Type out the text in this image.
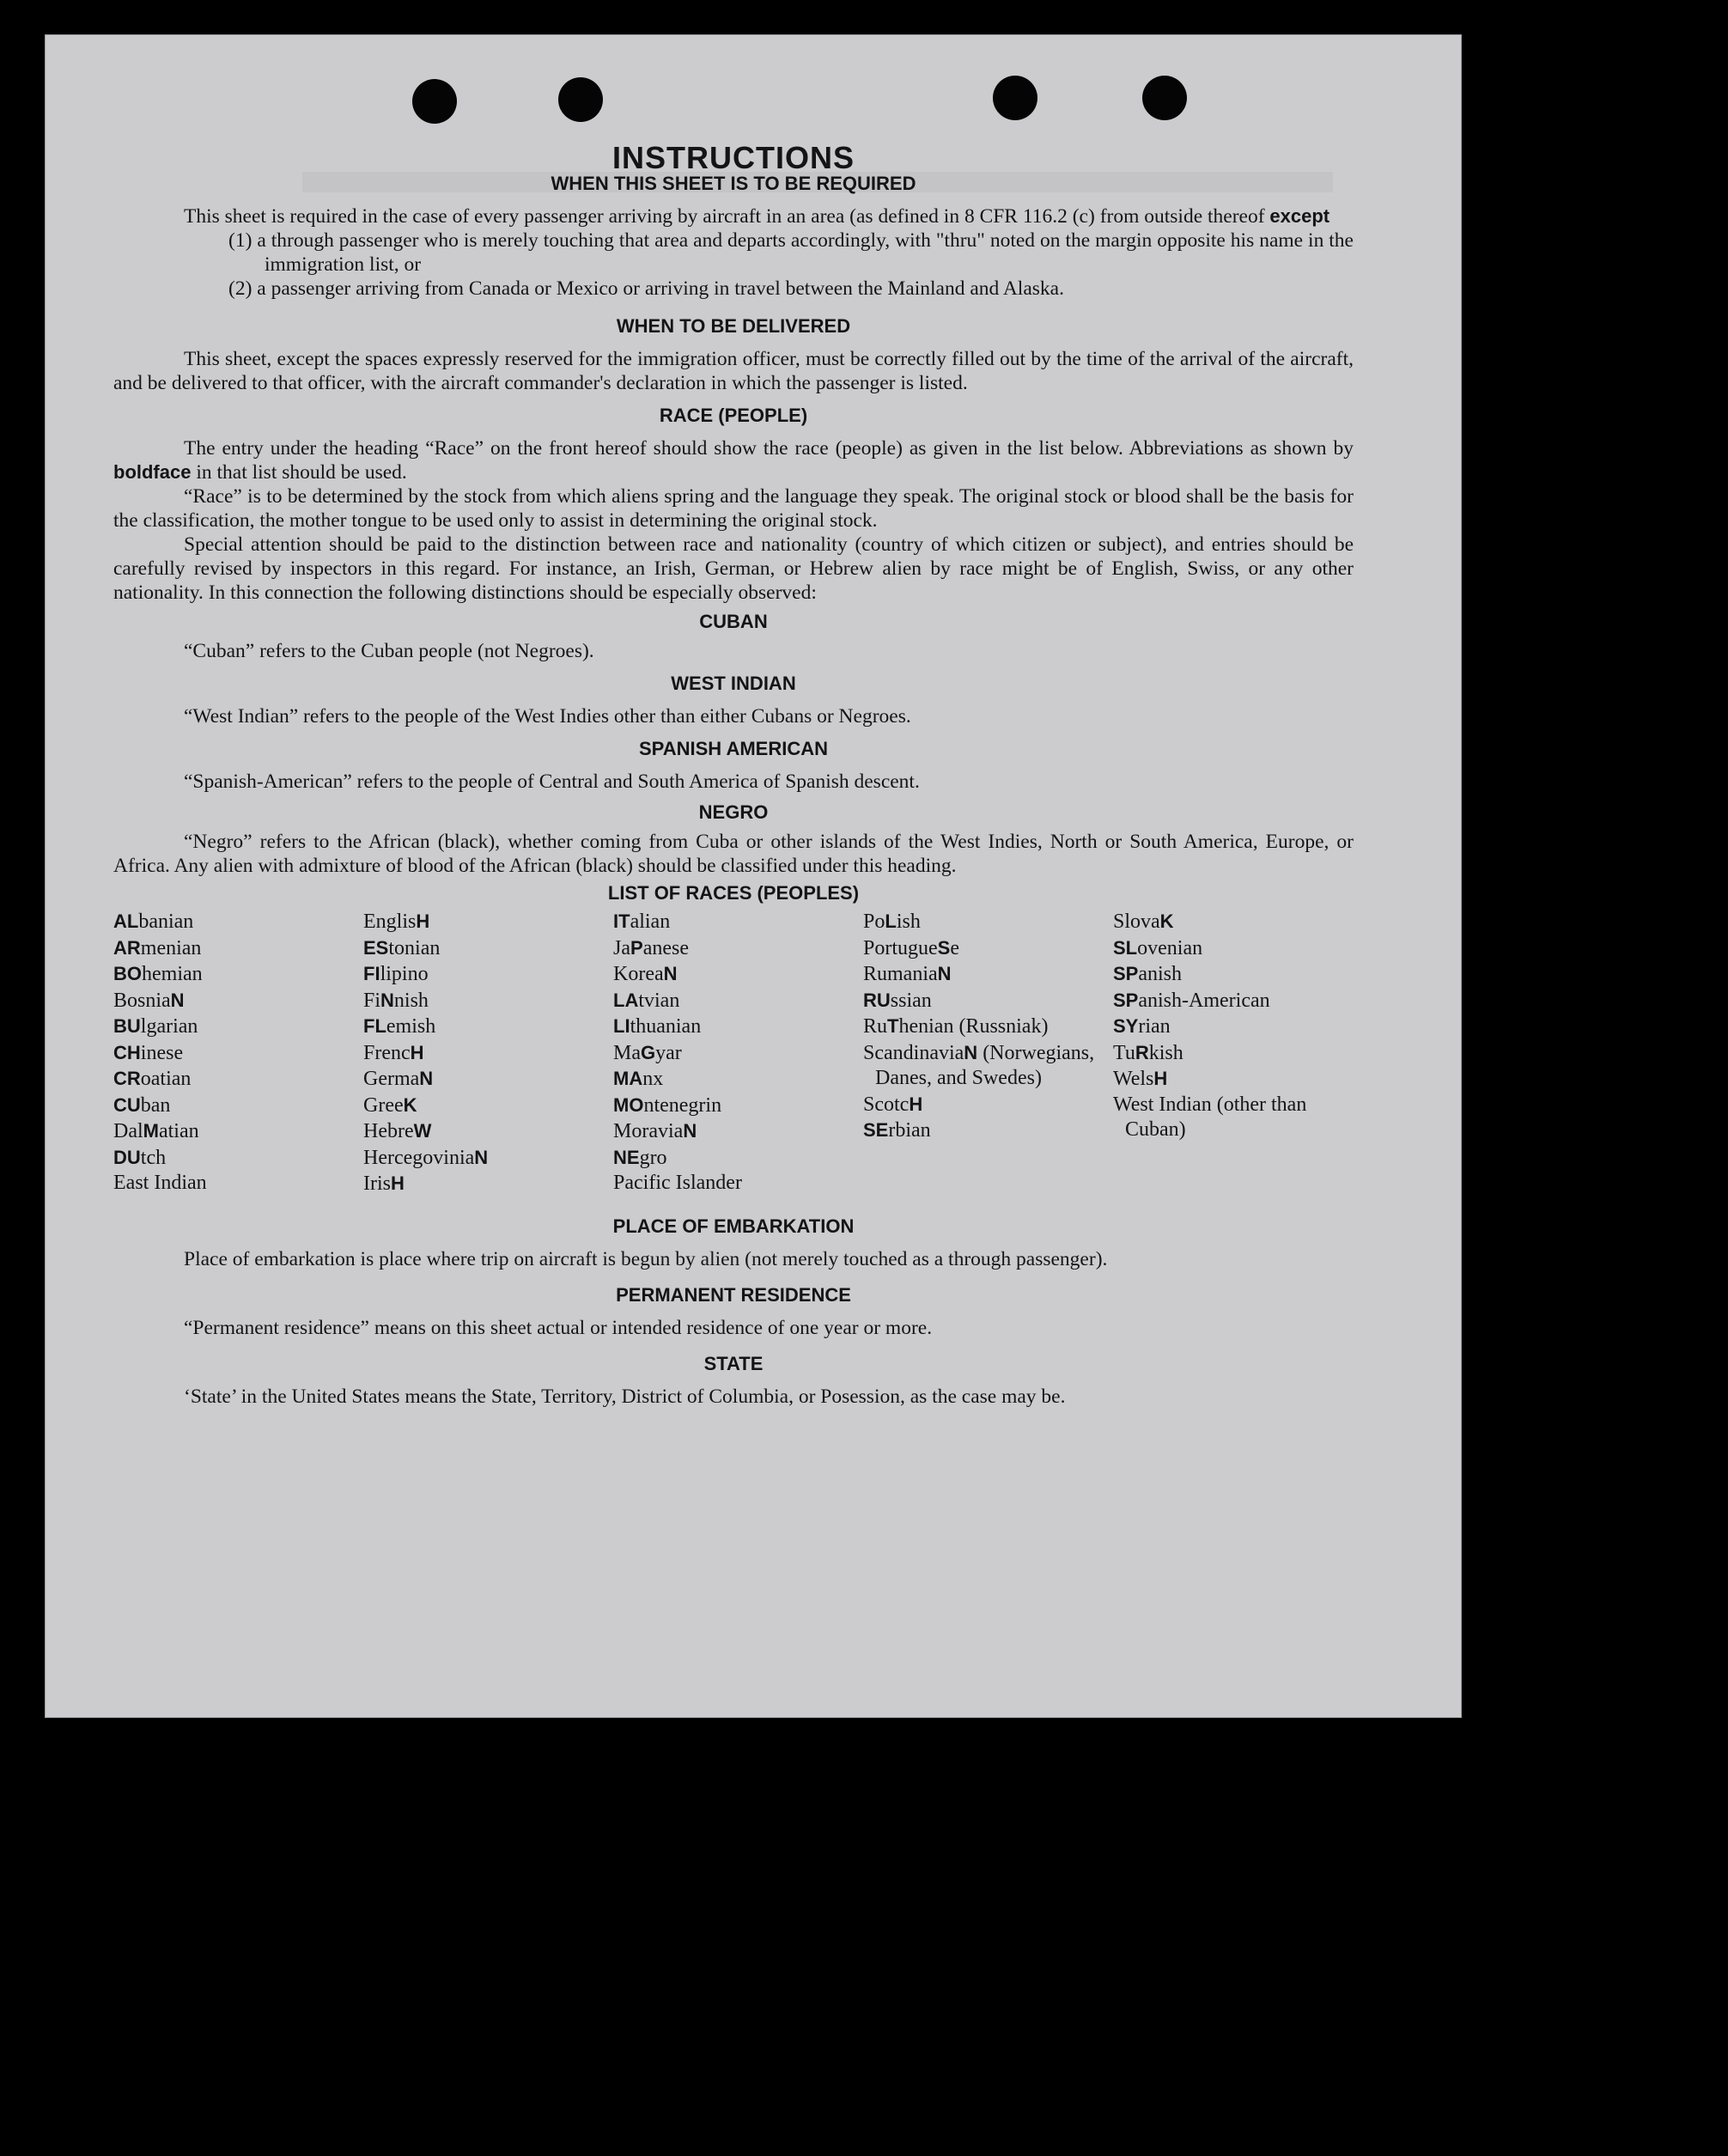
INSTRUCTIONS
WHEN THIS SHEET IS TO BE REQUIRED

This sheet is required in the case of every passenger arriving by aircraft in an area (as defined in 8 CFR 116.2 (c) from outside thereof except

(1) a through passenger who is merely touching that area and departs accordingly, with "thru" noted on the margin opposite his name in the immigration list, or

(2) a passenger arriving from Canada or Mexico or arriving in travel between the Mainland and Alaska.

WHEN TO BE DELIVERED

This sheet, except the spaces expressly reserved for the immigration officer, must be correctly filled out by the time of the arrival of the aircraft, and be delivered to that officer, with the aircraft commander's declaration in which the passenger is listed.

RACE (PEOPLE)

The entry under the heading “Race” on the front hereof should show the race (people) as given in the list below. Abbreviations as shown by boldface in that list should be used.

“Race” is to be determined by the stock from which aliens spring and the language they speak. The original stock or blood shall be the basis for the classification, the mother tongue to be used only to assist in determining the original stock.

Special attention should be paid to the distinction between race and nationality (country of which citizen or subject), and entries should be carefully revised by inspectors in this regard. For instance, an Irish, German, or Hebrew alien by race might be of English, Swiss, or any other nationality. In this connection the following distinctions should be especially observed:

CUBAN

“Cuban” refers to the Cuban people (not Negroes).

WEST INDIAN

“West Indian” refers to the people of the West Indies other than either Cubans or Negroes.

SPANISH AMERICAN

“Spanish-American” refers to the people of Central and South America of Spanish descent.

NEGRO

“Negro” refers to the African (black), whether coming from Cuba or other islands of the West Indies, North or South America, Europe, or Africa. Any alien with admixture of blood of the African (black) should be classified under this heading.

LIST OF RACES (PEOPLES)
ALbanian
ARmenian
BOhemian
BosniaN
BUlgarian
CHinese
CRoatian
CUban
DalMatian
DUtch
East Indian
EnglisH
EStonian
FIlipino
FiNnish
FLemish
FrencH
GermaN
GreeK
HebreW
HercegoviniaN
IrisH
ITalian
JaPanese
KoreaN
LAtvian
LIthuanian
MaGyar
MAnx
MOntenegrin
MoraviaN
NEgro
Pacific Islander
PoLish
PortugueSe
RumaniaN
RUssian
RuThenian (Russniak)
ScandinaviaN (Norwegians, Danes, and Swedes)
ScotcH
SErbian
SlovaK
SLovenian
SPanish
SPanish-American
SYrian
TuRkish
WelsH
West Indian (other than Cuban)
PLACE OF EMBARKATION

Place of embarkation is place where trip on aircraft is begun by alien (not merely touched as a through passenger).

PERMANENT RESIDENCE

“Permanent residence” means on this sheet actual or intended residence of one year or more.

STATE

‘State’ in the United States means the State, Territory, District of Columbia, or Posession, as the case may be.
